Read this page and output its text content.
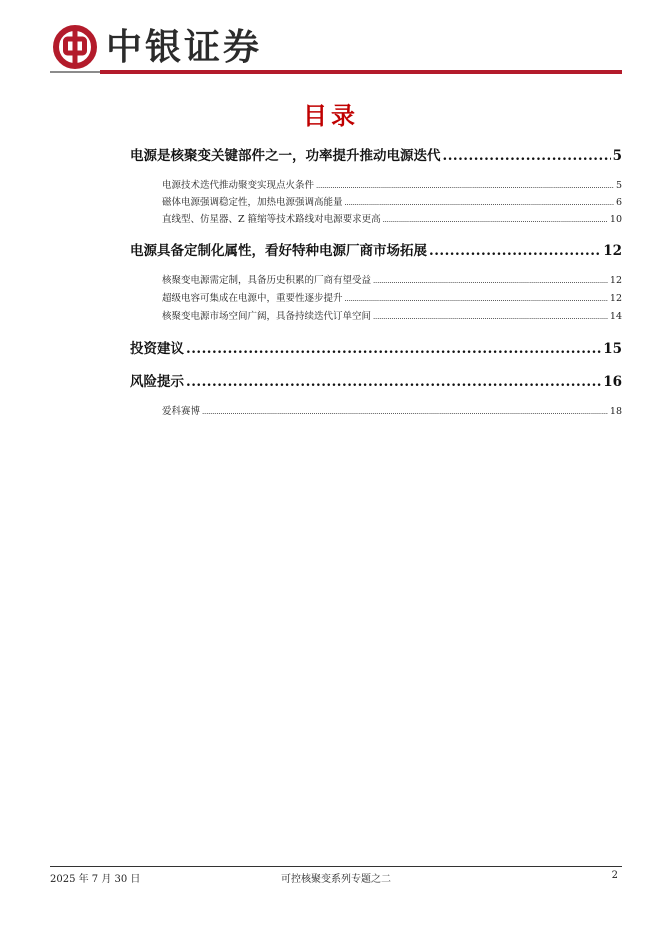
中银证券
目录
电源是核聚变关键部件之一，功率提升推动电源迭代 .....	5
电源技术迭代推动聚变实现点火条件 .....	5
磁体电源强调稳定性，加热电源强调高能量 .....	6
直线型、仿星器、Z 箍缩等技术路线对电源要求更高 .....	10
电源具备定制化属性，看好特种电源厂商市场拓展 .....	12
核聚变电源需定制，具备历史积累的厂商有望受益 .....	12
超级电容可集成在电源中，重要性逐步提升 .....	12
核聚变电源市场空间广阔，具备持续迭代订单空间 .....	14
投资建议 .....	15
风险提示 .....	16
爱科赛博 .....	18
2025 年 7 月 30 日	可控核聚变系列专题之二	2
